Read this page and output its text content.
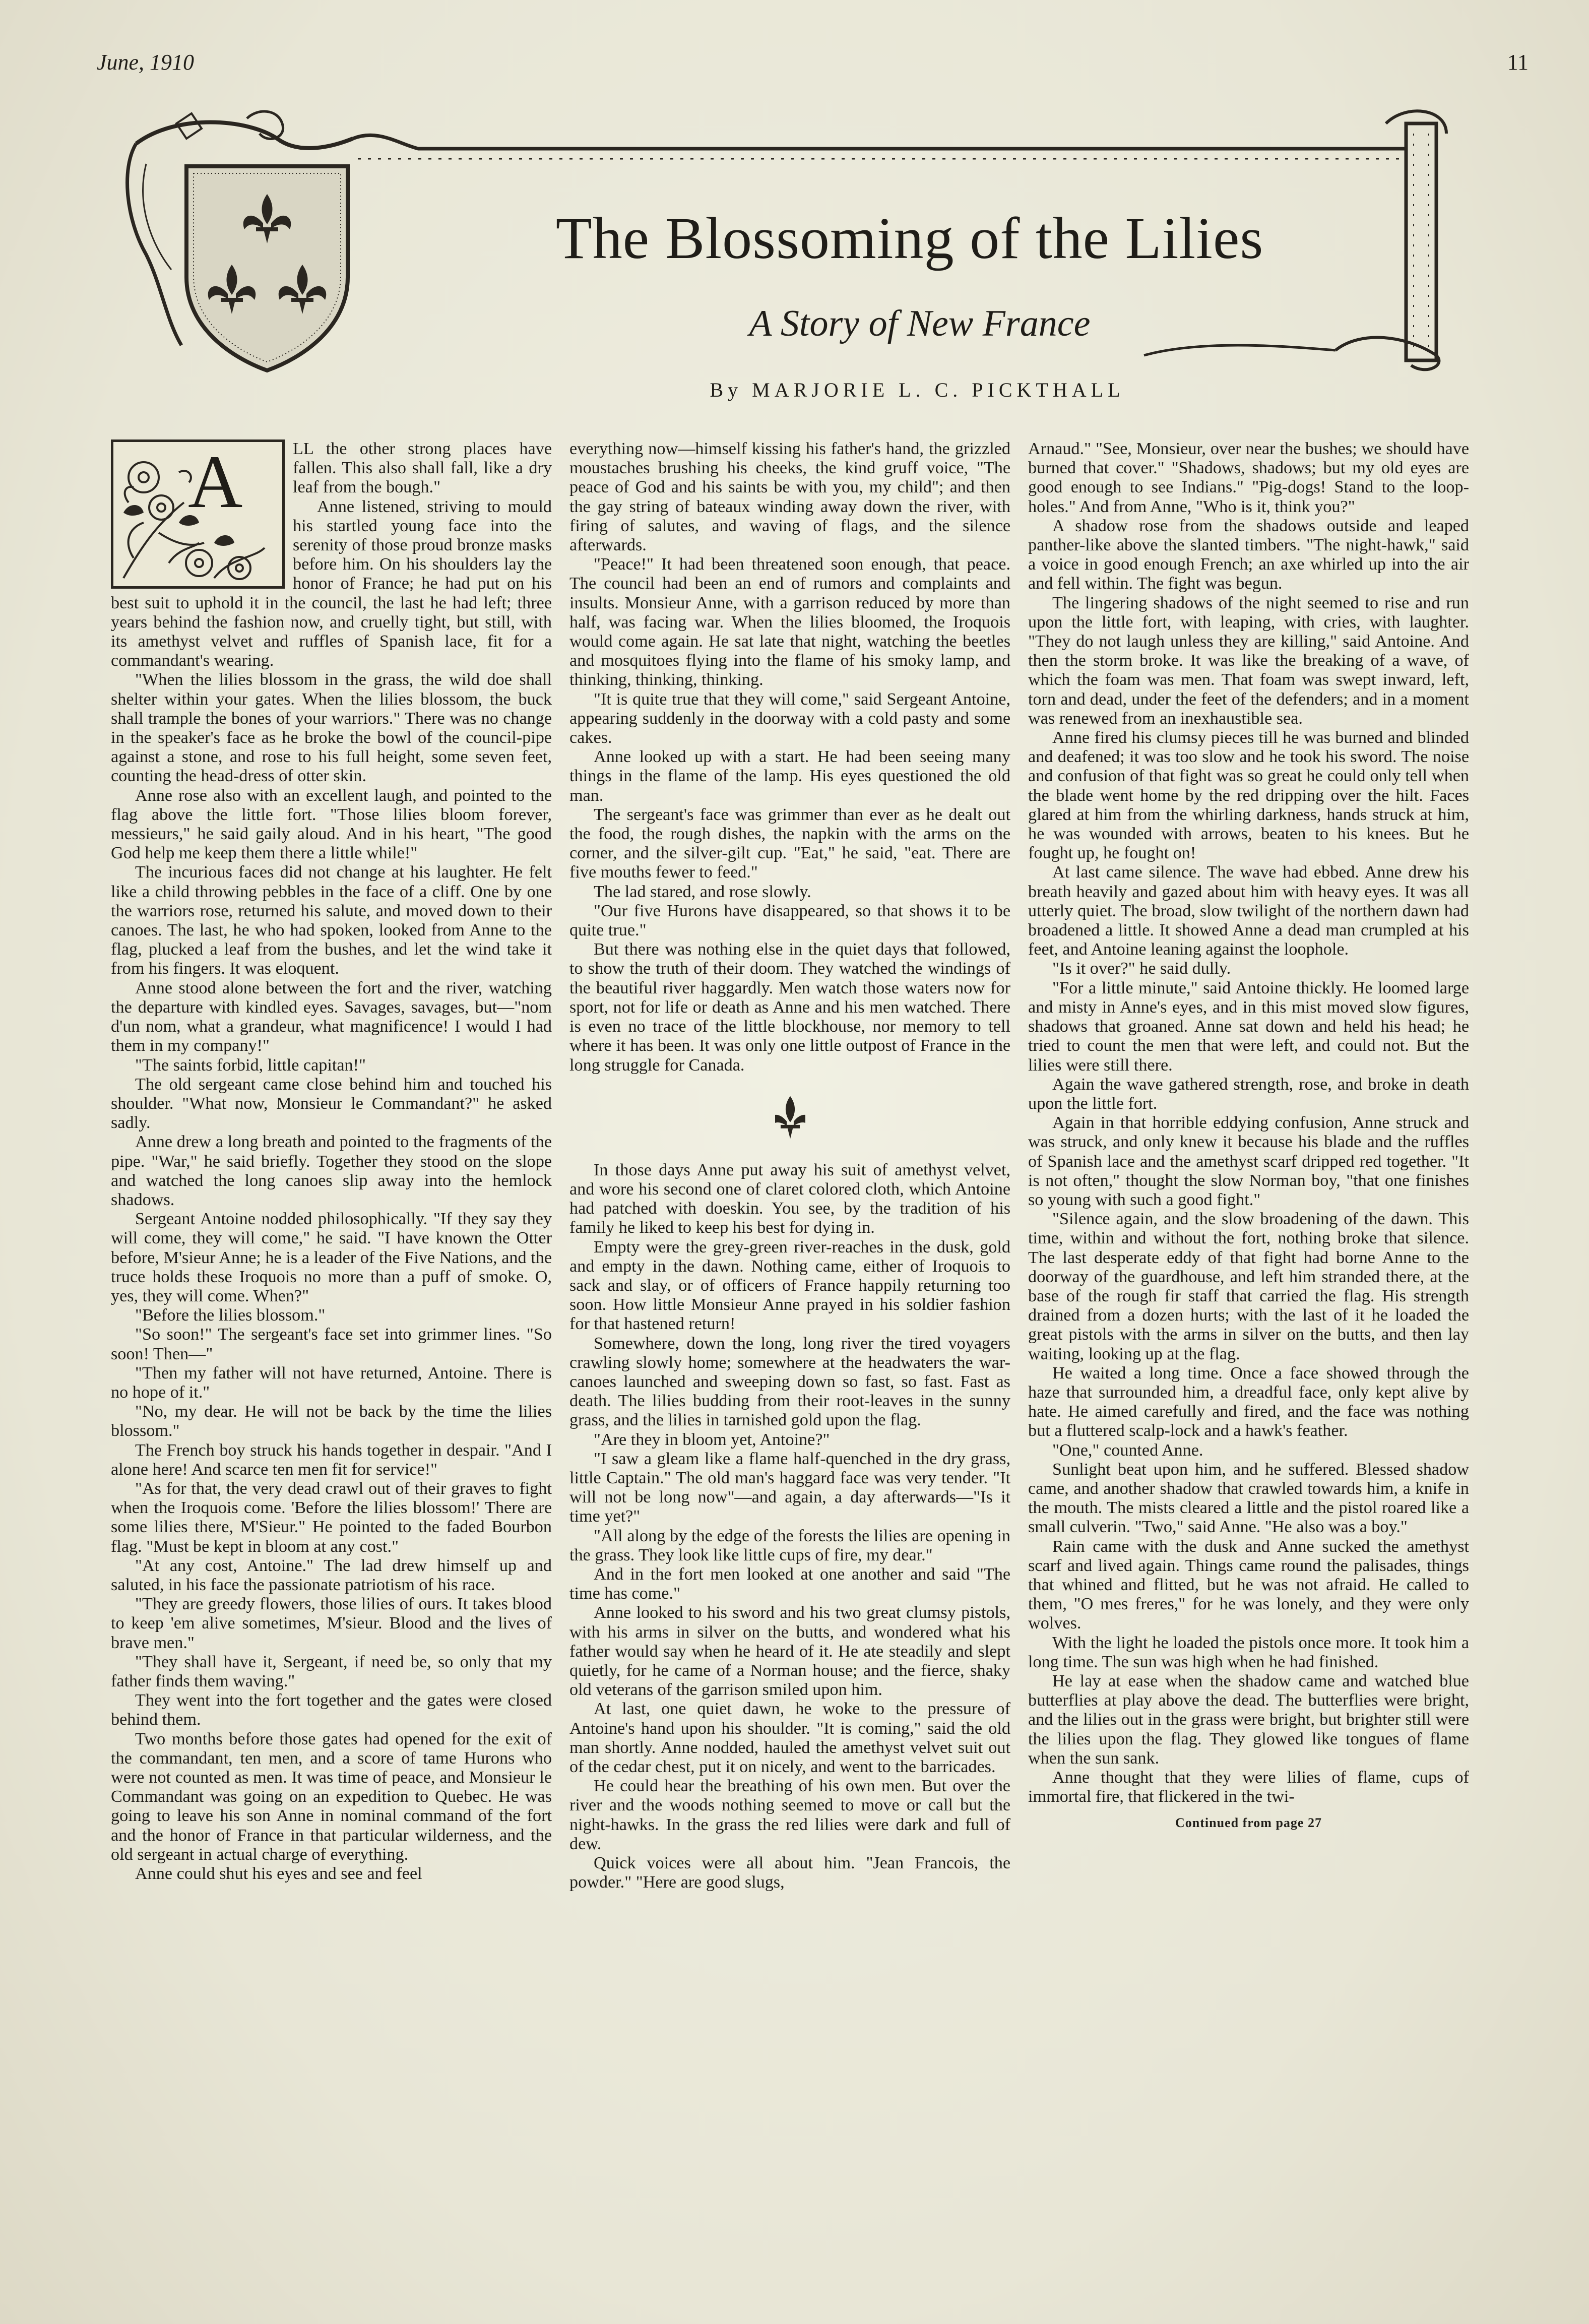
June, 1910	11
The Blossoming of the Lilies
A Story of New France
By MARJORIE L. C. PICKTHALL
A	LL the other strong places have fallen. This also shall fall, like a dry leaf from the bough."

Anne listened, striving to mould his startled young face into the serenity of those proud bronze masks before him. On his shoulders lay the honor of France; he had put on his best suit to uphold it in the council, the last he had left; three years behind the fashion now, and cruelly tight, but still, with its amethyst velvet and ruffles of Spanish lace, fit for a commandant's wearing.

"When the lilies blossom in the grass, the wild doe shall shelter within your gates. When the lilies blossom, the buck shall trample the bones of your warriors." There was no change in the speaker's face as he broke the bowl of the council-pipe against a stone, and rose to his full height, some seven feet, counting the head-dress of otter skin.

Anne rose also with an excellent laugh, and pointed to the flag above the little fort. "Those lilies bloom forever, messieurs," he said gaily aloud. And in his heart, "The good God help me keep them there a little while!"

The incurious faces did not change at his laughter. He felt like a child throwing pebbles in the face of a cliff. One by one the warriors rose, returned his salute, and moved down to their canoes. The last, he who had spoken, looked from Anne to the flag, plucked a leaf from the bushes, and let the wind take it from his fingers. It was eloquent.

Anne stood alone between the fort and the river, watching the departure with kindled eyes. Savages, savages, but—"nom d'un nom, what a grandeur, what magnificence! I would I had them in my company!"

"The saints forbid, little capitan!"

The old sergeant came close behind him and touched his shoulder. "What now, Monsieur le Commandant?" he asked sadly.

Anne drew a long breath and pointed to the fragments of the pipe. "War," he said briefly. Together they stood on the slope and watched the long canoes slip away into the hemlock shadows.

Sergeant Antoine nodded philosophically. "If they say they will come, they will come," he said. "I have known the Otter before, M'sieur Anne; he is a leader of the Five Nations, and the truce holds these Iroquois no more than a puff of smoke. O, yes, they will come. When?"

"Before the lilies blossom."

"So soon!" The sergeant's face set into grimmer lines. "So soon! Then—"

"Then my father will not have returned, Antoine. There is no hope of it."

"No, my dear. He will not be back by the time the lilies blossom."

The French boy struck his hands together in despair. "And I alone here! And scarce ten men fit for service!"

"As for that, the very dead crawl out of their graves to fight when the Iroquois come. 'Before the lilies blossom!' There are some lilies there, M'Sieur." He pointed to the faded Bourbon flag. "Must be kept in bloom at any cost."

"At any cost, Antoine." The lad drew himself up and saluted, in his face the passionate patriotism of his race.

"They are greedy flowers, those lilies of ours. It takes blood to keep 'em alive sometimes, M'sieur. Blood and the lives of brave men."

"They shall have it, Sergeant, if need be, so only that my father finds them waving."

They went into the fort together and the gates were closed behind them.

Two months before those gates had opened for the exit of the commandant, ten men, and a score of tame Hurons who were not counted as men. It was time of peace, and Monsieur le Commandant was going on an expedition to Quebec. He was going to leave his son Anne in nominal command of the fort and the honor of France in that particular wilderness, and the old sergeant in actual charge of everything.

Anne could shut his eyes and see and feel

everything now—himself kissing his father's hand, the grizzled moustaches brushing his cheeks, the kind gruff voice, "The peace of God and his saints be with you, my child"; and then the gay string of bateaux winding away down the river, with firing of salutes, and waving of flags, and the silence afterwards.

"Peace!" It had been threatened soon enough, that peace. The council had been an end of rumors and complaints and insults. Monsieur Anne, with a garrison reduced by more than half, was facing war. When the lilies bloomed, the Iroquois would come again. He sat late that night, watching the beetles and mosquitoes flying into the flame of his smoky lamp, and thinking, thinking, thinking.

"It is quite true that they will come," said Sergeant Antoine, appearing suddenly in the doorway with a cold pasty and some cakes.

Anne looked up with a start. He had been seeing many things in the flame of the lamp. His eyes questioned the old man.

The sergeant's face was grimmer than ever as he dealt out the food, the rough dishes, the napkin with the arms on the corner, and the silver-gilt cup. "Eat," he said, "eat. There are five mouths fewer to feed."

The lad stared, and rose slowly.

"Our five Hurons have disappeared, so that shows it to be quite true."

But there was nothing else in the quiet days that followed, to show the truth of their doom. They watched the windings of the beautiful river haggardly. Men watch those waters now for sport, not for life or death as Anne and his men watched. There is even no trace of the little blockhouse, nor memory to tell where it has been. It was only one little outpost of France in the long struggle for Canada.

In those days Anne put away his suit of amethyst velvet, and wore his second one of claret colored cloth, which Antoine had patched with doeskin. You see, by the tradition of his family he liked to keep his best for dying in.

Empty were the grey-green river-reaches in the dusk, gold and empty in the dawn. Nothing came, either of Iroquois to sack and slay, or of officers of France happily returning too soon. How little Monsieur Anne prayed in his soldier fashion for that hastened return!

Somewhere, down the long, long river the tired voyagers crawling slowly home; somewhere at the headwaters the war-canoes launched and sweeping down so fast, so fast. Fast as death. The lilies budding from their root-leaves in the sunny grass, and the lilies in tarnished gold upon the flag.

"Are they in bloom yet, Antoine?"

"I saw a gleam like a flame half-quenched in the dry grass, little Captain." The old man's haggard face was very tender. "It will not be long now"—and again, a day afterwards—"Is it time yet?"

"All along by the edge of the forests the lilies are opening in the grass. They look like little cups of fire, my dear."

And in the fort men looked at one another and said "The time has come."

Anne looked to his sword and his two great clumsy pistols, with his arms in silver on the butts, and wondered what his father would say when he heard of it. He ate steadily and slept quietly, for he came of a Norman house; and the fierce, shaky old veterans of the garrison smiled upon him.

At last, one quiet dawn, he woke to the pressure of Antoine's hand upon his shoulder. "It is coming," said the old man shortly. Anne nodded, hauled the amethyst velvet suit out of the cedar chest, put it on nicely, and went to the barricades.

He could hear the breathing of his own men. But over the river and the woods nothing seemed to move or call but the night-hawks. In the grass the red lilies were dark and full of dew.

Quick voices were all about him. "Jean Francois, the powder." "Here are good slugs,

Arnaud." "See, Monsieur, over near the bushes; we should have burned that cover." "Shadows, shadows; but my old eyes are good enough to see Indians." "Pig-dogs! Stand to the loop-holes." And from Anne, "Who is it, think you?"

A shadow rose from the shadows outside and leaped panther-like above the slanted timbers. "The night-hawk," said a voice in good enough French; an axe whirled up into the air and fell within. The fight was begun.

The lingering shadows of the night seemed to rise and run upon the little fort, with leaping, with cries, with laughter. "They do not laugh unless they are killing," said Antoine. And then the storm broke. It was like the breaking of a wave, of which the foam was men. That foam was swept inward, left, torn and dead, under the feet of the defenders; and in a moment was renewed from an inexhaustible sea.

Anne fired his clumsy pieces till he was burned and blinded and deafened; it was too slow and he took his sword. The noise and confusion of that fight was so great he could only tell when the blade went home by the red dripping over the hilt. Faces glared at him from the whirling darkness, hands struck at him, he was wounded with arrows, beaten to his knees. But he fought up, he fought on!

At last came silence. The wave had ebbed. Anne drew his breath heavily and gazed about him with heavy eyes. It was all utterly quiet. The broad, slow twilight of the northern dawn had broadened a little. It showed Anne a dead man crumpled at his feet, and Antoine leaning against the loophole.

"Is it over?" he said dully.

"For a little minute," said Antoine thickly. He loomed large and misty in Anne's eyes, and in this mist moved slow figures, shadows that groaned. Anne sat down and held his head; he tried to count the men that were left, and could not. But the lilies were still there.

Again the wave gathered strength, rose, and broke in death upon the little fort.

Again in that horrible eddying confusion, Anne struck and was struck, and only knew it because his blade and the ruffles of Spanish lace and the amethyst scarf dripped red together. "It is not often," thought the slow Norman boy, "that one finishes so young with such a good fight."

"Silence again, and the slow broadening of the dawn. This time, within and without the fort, nothing broke that silence. The last desperate eddy of that fight had borne Anne to the doorway of the guardhouse, and left him stranded there, at the base of the rough fir staff that carried the flag. His strength drained from a dozen hurts; with the last of it he loaded the great pistols with the arms in silver on the butts, and then lay waiting, looking up at the flag.

He waited a long time. Once a face showed through the haze that surrounded him, a dreadful face, only kept alive by hate. He aimed carefully and fired, and the face was nothing but a fluttered scalp-lock and a hawk's feather.

"One," counted Anne.

Sunlight beat upon him, and he suffered. Blessed shadow came, and another shadow that crawled towards him, a knife in the mouth. The mists cleared a little and the pistol roared like a small culverin. "Two," said Anne. "He also was a boy."

Rain came with the dusk and Anne sucked the amethyst scarf and lived again. Things came round the palisades, things that whined and flitted, but he was not afraid. He called to them, "O mes freres," for he was lonely, and they were only wolves.

With the light he loaded the pistols once more. It took him a long time. The sun was high when he had finished.

He lay at ease when the shadow came and watched blue butterflies at play above the dead. The butterflies were bright, and the lilies out in the grass were bright, but brighter still were the lilies upon the flag. They glowed like tongues of flame when the sun sank.

Anne thought that they were lilies of flame, cups of immortal fire, that flickered in the twi-

Continued from page 27
